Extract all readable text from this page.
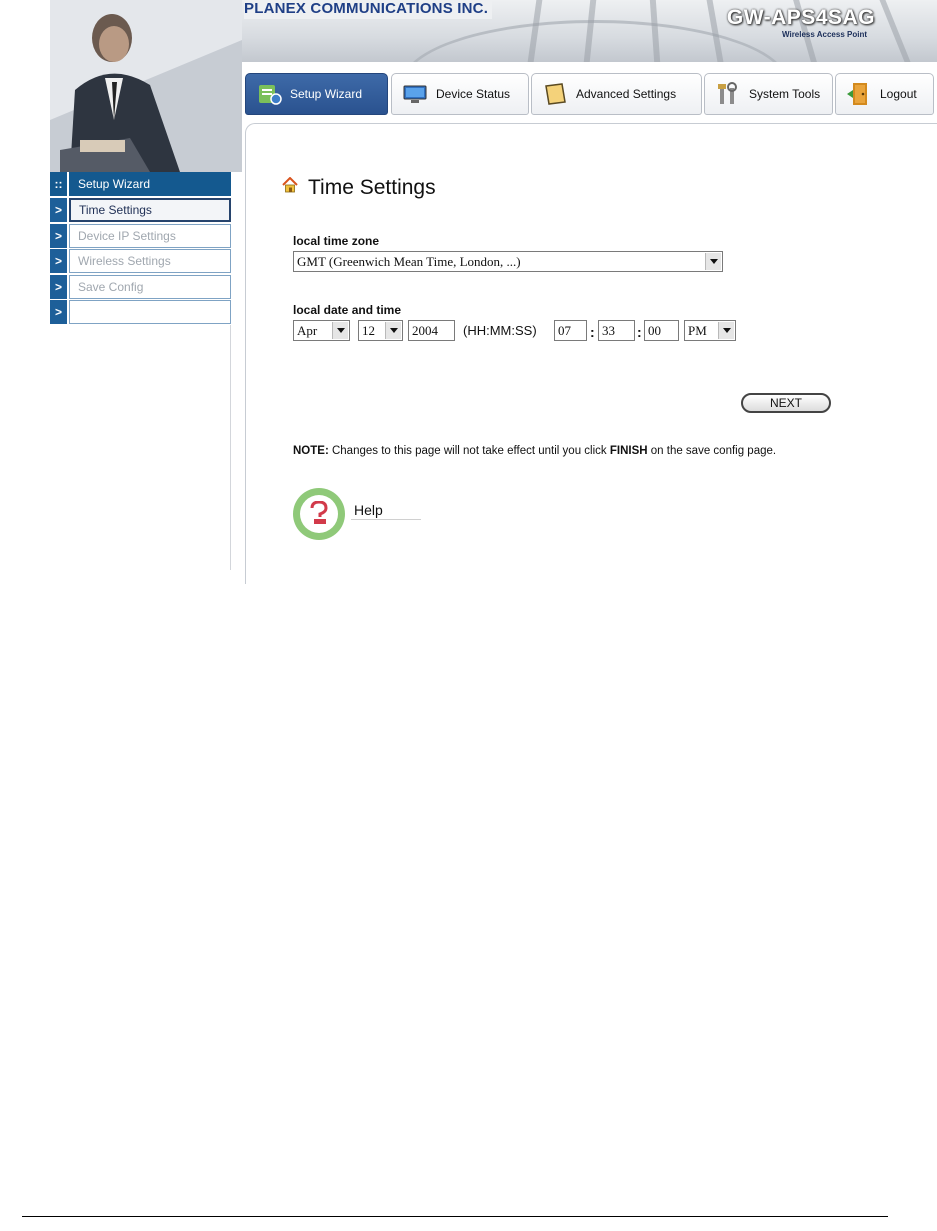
PLANEX COMMUNICATIONS INC.	GW-APS4SAG
Wireless Access Point
Setup Wizard	Device Status	Advanced Settings	System Tools	Logout
::	Setup Wizard
>	Time Settings
>	Device IP Settings
>	Wireless Settings
>	Save Config
>
Time Settings
local time zone
GMT (Greenwich Mean Time, London, ...)
local date and time
Apr	12	2004	(HH:MM:SS)	07	: 33	: 00	PM
NEXT
NOTE: Changes to this page will not take effect until you click FINISH on the save config page.
Help
